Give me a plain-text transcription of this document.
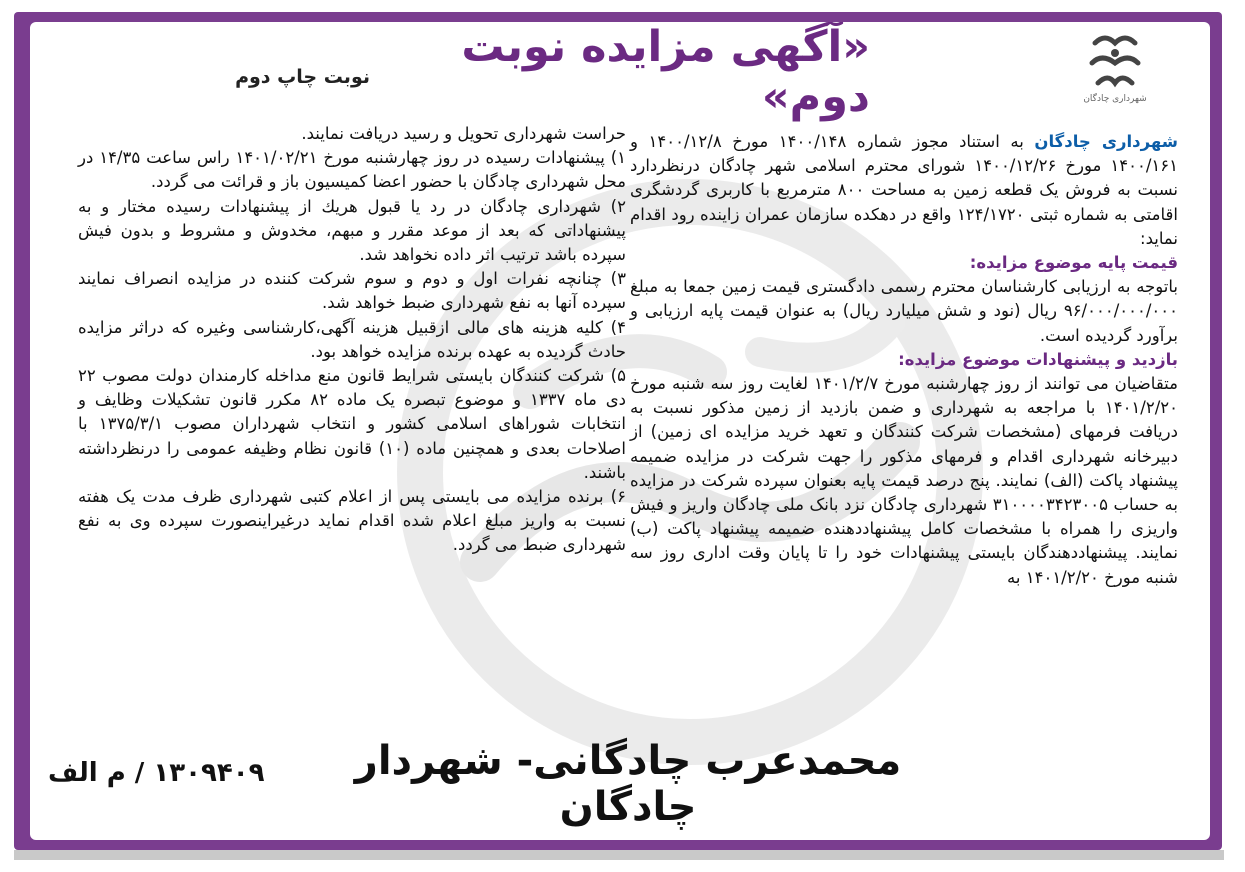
شهرداری چادگان
«آگهی مزایده نوبت دوم»
نوبت چاپ دوم

شهرداری چادگان به استناد مجوز شماره ۱۴۰۰/۱۴۸ مورخ ۱۴۰۰/۱۲/۸ و ۱۴۰۰/۱۶۱ مورخ ۱۴۰۰/۱۲/۲۶ شورای محترم اسلامی شهر چادگان درنظردارد نسبت به فروش یک قطعه زمین به مساحت ۸۰۰ مترمربع با کاربری گردشگری اقامتی به شماره ثبتی ۱۲۴/۱۷۲۰ واقع در دهکده سازمان عمران زاینده رود اقدام نماید:

قیمت پایه موضوع مزایده:

باتوجه به ارزیابی کارشناسان محترم رسمی دادگستری قیمت زمین جمعا به مبلغ ۹۶/۰۰۰/۰۰۰/۰۰۰ ریال (نود و شش میلیارد ریال) به عنوان قیمت پایه ارزیابی و برآورد گردیده است.

بازدید و پیشنهادات موضوع مزایده:

متقاضیان می توانند از روز چهارشنبه مورخ ۱۴۰۱/۲/۷ لغایت روز سه شنبه مورخ ۱۴۰۱/۲/۲۰ با مراجعه به شهرداری و ضمن بازدید از زمین مذکور نسبت به دریافت فرمهای (مشخصات شرکت کنندگان و تعهد خرید مزایده ای زمین) از دبیرخانه شهرداری اقدام و فرمهای مذکور را جهت شرکت در مزایده ضمیمه پیشنهاد پاکت (الف) نمایند. پنج درصد قیمت پایه بعنوان سپرده شرکت در مزایده به حساب ۳۱۰۰۰۰۳۴۲۳۰۰۵ شهرداری چادگان نزد بانک ملی چادگان واریز و فیش واریزی را همراه با مشخصات کامل پیشنهاددهنده ضمیمه پیشنهاد پاکت (ب) نمایند. پیشنهاددهندگان بایستی پیشنهادات خود را تا پایان وقت اداری روز سه شنبه مورخ ۱۴۰۱/۲/۲۰ به

حراست شهرداری تحویل و رسید دریافت نمایند.

۱) پیشنهادات رسیده در روز چهارشنبه مورخ ۱۴۰۱/۰۲/۲۱ راس ساعت ۱۴/۳۵ در محل شهرداری چادگان با حضور اعضا کمیسیون باز و قرائت می گردد.

۲) شهرداری چادگان در رد یا قبول هریك از پیشنهادات رسیده مختار و به پیشنهاداتی كه بعد از موعد مقرر و مبهم، مخدوش و مشروط و بدون فیش سپرده باشد ترتیب اثر داده نخواهد شد.

۳) چنانچه نفرات اول و دوم و سوم شرکت کننده در مزایده انصراف نمایند سپرده آنها به نفع شهرداری ضبط خواهد شد.

۴) کلیه هزینه های مالی ازقبیل هزینه آگهی،کارشناسی وغیره که دراثر مزایده حادث گردیده به عهده برنده مزایده خواهد بود.

۵) شرکت کنندگان بایستی شرایط قانون منع مداخله کارمندان دولت مصوب ۲۲ دی ماه ۱۳۳۷ و موضوع تبصره یک ماده ۸۲ مکرر قانون تشکیلات وظایف و انتخابات شوراهای اسلامی کشور و انتخاب شهرداران مصوب ۱۳۷۵/۳/۱ با اصلاحات بعدی و همچنین ماده (۱۰) قانون نظام وظیفه عمومی را درنظرداشته باشند.

۶) برنده مزایده می بایستی پس از اعلام کتبی شهرداری ظرف مدت یک هفته نسبت به واریز مبلغ اعلام شده اقدام نماید درغیراینصورت سپرده وی به نفع شهرداری ضبط می گردد.

محمدعرب چادگانی- شهردار چادگان
۱۳۰۹۴۰۹ / م الف
